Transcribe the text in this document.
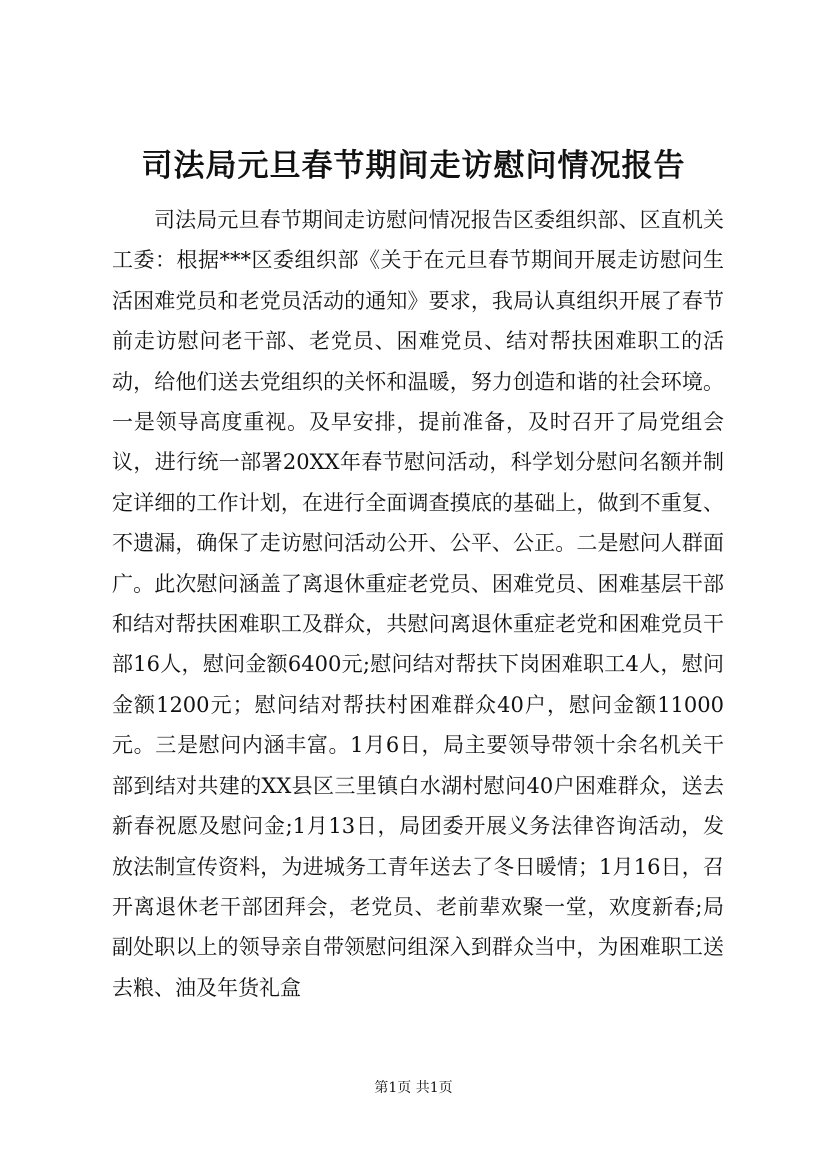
司法局元旦春节期间走访慰问情况报告
司法局元旦春节期间走访慰问情况报告区委组织部、区直机关工委：根据***区委组织部《关于在元旦春节期间开展走访慰问生活困难党员和老党员活动的通知》要求，我局认真组织开展了春节前走访慰问老干部、老党员、困难党员、结对帮扶困难职工的活动，给他们送去党组织的关怀和温暖，努力创造和谐的社会环境。一是领导高度重视。及早安排，提前准备，及时召开了局党组会议，进行统一部署20XX年春节慰问活动，科学划分慰问名额并制定详细的工作计划，在进行全面调查摸底的基础上，做到不重复、不遗漏，确保了走访慰问活动公开、公平、公正。二是慰问人群面广。此次慰问涵盖了离退休重症老党员、困难党员、困难基层干部和结对帮扶困难职工及群众，共慰问离退休重症老党和困难党员干部16人，慰问金额6400元;慰问结对帮扶下岗困难职工4人，慰问金额1200元；慰问结对帮扶村困难群众40户，慰问金额11000元。三是慰问内涵丰富。1月6日，局主要领导带领十余名机关干部到结对共建的XX县区三里镇白水湖村慰问40户困难群众，送去新春祝愿及慰问金;1月13日，局团委开展义务法律咨询活动，发放法制宣传资料，为进城务工青年送去了冬日暖情；1月16日，召开离退休老干部团拜会，老党员、老前辈欢聚一堂，欢度新春;局副处职以上的领导亲自带领慰问组深入到群众当中，为困难职工送去粮、油及年货礼盒
第1页 共1页
